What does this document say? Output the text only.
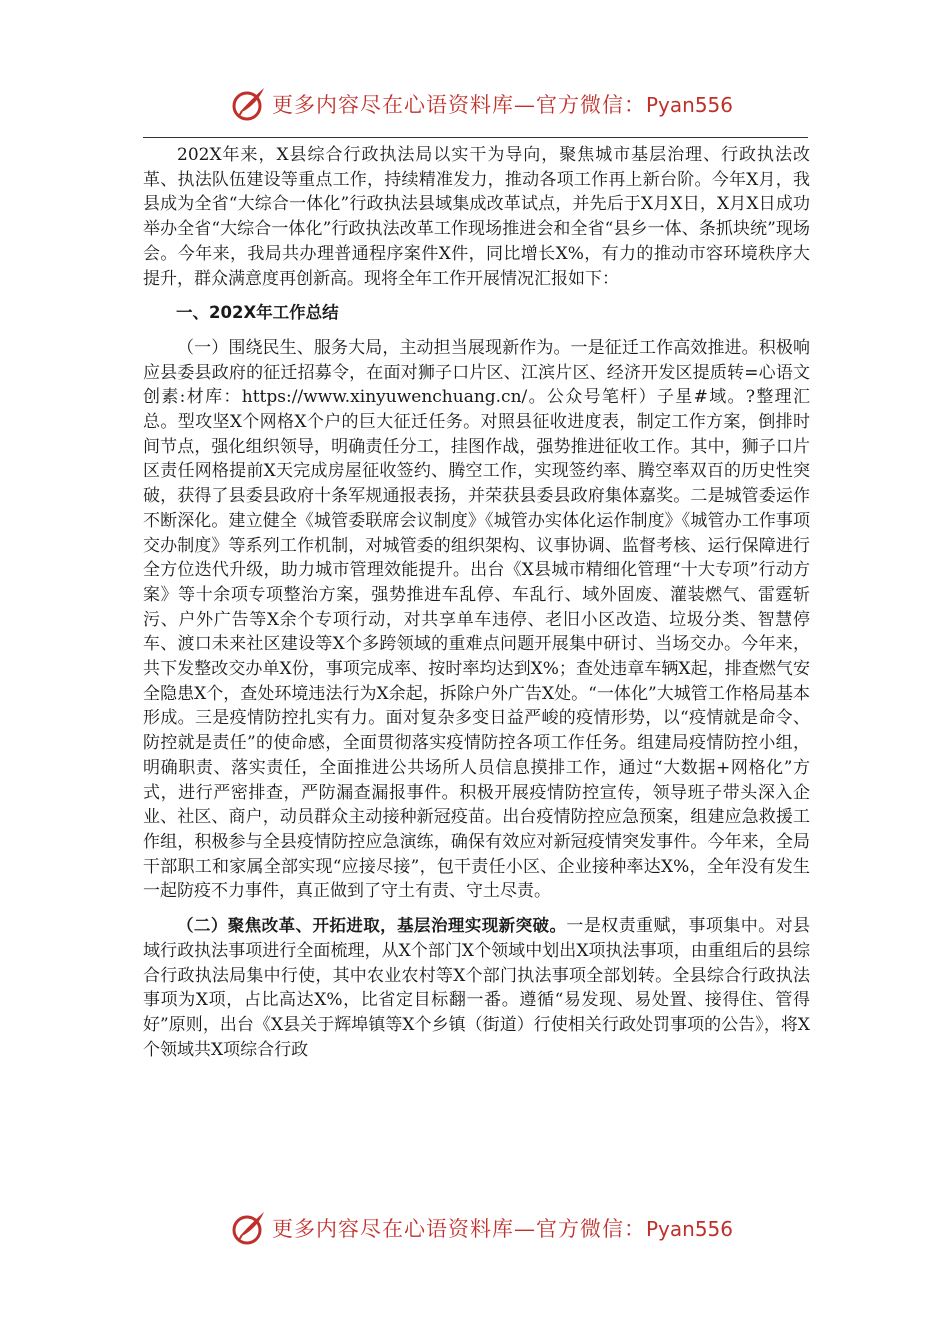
更多内容尽在心语资料库—官方微信：Pyan556

202X年来，X县综合行政执法局以实干为导向，聚焦城市基层治理、行政执法改革、执法队伍建设等重点工作，持续精准发力，推动各项工作再上新台阶。今年X月，我县成为全省“大综合一体化”行政执法县域集成改革试点，并先后于X月X日，X月X日成功举办全省“大综合一体化”行政执法改革工作现场推进会和全省“县乡一体、条抓块统”现场会。今年来，我局共办理普通程序案件X件，同比增长X%，有力的推动市容环境秩序大提升，群众满意度再创新高。现将全年工作开展情况汇报如下：

一、202X年工作总结

（一）围绕民生、服务大局，主动担当展现新作为。一是征迁工作高效推进。积极响应县委县政府的征迁招募令，在面对狮子口片区、江滨片区、经济开发区提质转=心语文创素:材库：https://www.xinyuwenchuang.cn/。公众号笔杆）子星#域。?整理汇总。型攻坚X个网格X个户的巨大征迁任务。对照县征收进度表，制定工作方案，倒排时间节点，强化组织领导，明确责任分工，挂图作战，强势推进征收工作。其中，狮子口片区责任网格提前X天完成房屋征收签约、腾空工作，实现签约率、腾空率双百的历史性突破，获得了县委县政府十条军规通报表扬，并荣获县委县政府集体嘉奖。二是城管委运作不断深化。建立健全《城管委联席会议制度》《城管办实体化运作制度》《城管办工作事项交办制度》等系列工作机制，对城管委的组织架构、议事协调、监督考核、运行保障进行全方位迭代升级，助力城市管理效能提升。出台《X县城市精细化管理“十大专项”行动方案》等十余项专项整治方案，强势推进车乱停、车乱行、域外固废、灌装燃气、雷霆斩污、户外广告等X余个专项行动，对共享单车违停、老旧小区改造、垃圾分类、智慧停车、渡口未来社区建设等X个多跨领域的重难点问题开展集中研讨、当场交办。今年来，共下发整改交办单X份，事项完成率、按时率均达到X%；查处违章车辆X起，排查燃气安全隐患X个，查处环境违法行为X余起，拆除户外广告X处。“一体化”大城管工作格局基本形成。三是疫情防控扎实有力。面对复杂多变日益严峻的疫情形势，以“疫情就是命令、防控就是责任”的使命感，全面贯彻落实疫情防控各项工作任务。组建局疫情防控小组，明确职责、落实责任，全面推进公共场所人员信息摸排工作，通过“大数据+网格化”方式，进行严密排查，严防漏查漏报事件。积极开展疫情防控宣传，领导班子带头深入企业、社区、商户，动员群众主动接种新冠疫苗。出台疫情防控应急预案，组建应急救援工作组，积极参与全县疫情防控应急演练，确保有效应对新冠疫情突发事件。今年来，全局干部职工和家属全部实现“应接尽接”，包干责任小区、企业接种率达X%，全年没有发生一起防疫不力事件，真正做到了守土有责、守土尽责。

（二）聚焦改革、开拓进取，基层治理实现新突破。一是权责重赋，事项集中。对县域行政执法事项进行全面梳理，从X个部门X个领域中划出X项执法事项，由重组后的县综合行政执法局集中行使，其中农业农村等X个部门执法事项全部划转。全县综合行政执法事项为X项，占比高达X%，比省定目标翻一番。遵循“易发现、易处置、接得住、管得好”原则，出台《X县关于辉埠镇等X个乡镇（街道）行使相关行政处罚事项的公告》，将X个领域共X项综合行政

更多内容尽在心语资料库—官方微信：Pyan556
